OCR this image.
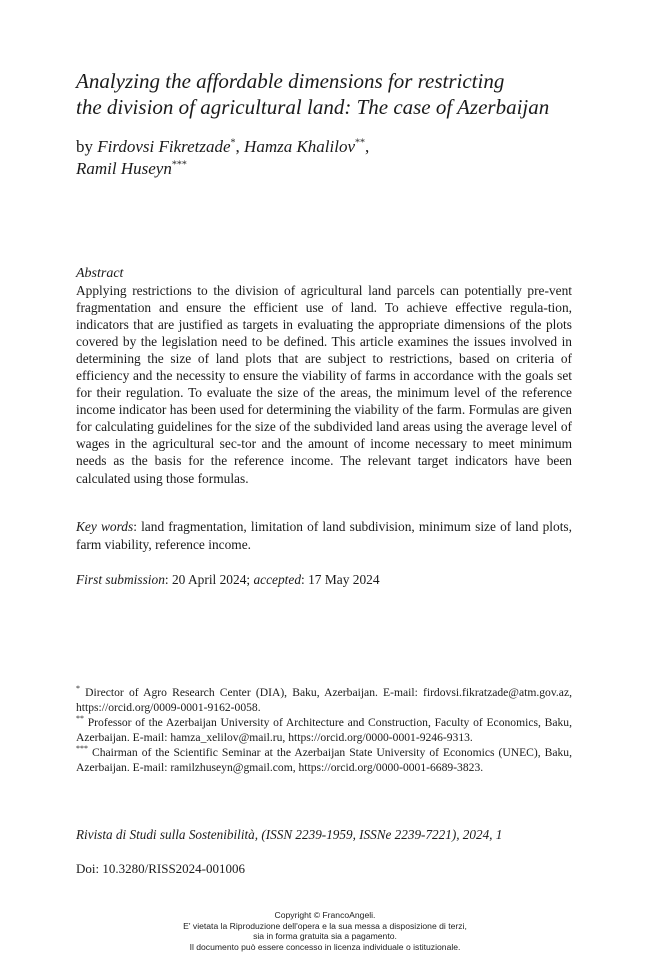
Analyzing the affordable dimensions for restricting
the division of agricultural land: The case of Azerbaijan
by Firdovsi Fikretzade*, Hamza Khalilov**,
Ramil Huseyn***
Abstract

Applying restrictions to the division of agricultural land parcels can potentially pre-vent fragmentation and ensure the efficient use of land. To achieve effective regula-tion, indicators that are justified as targets in evaluating the appropriate dimensions of the plots covered by the legislation need to be defined. This article examines the issues involved in determining the size of land plots that are subject to restrictions, based on criteria of efficiency and the necessity to ensure the viability of farms in accordance with the goals set for their regulation. To evaluate the size of the areas, the minimum level of the reference income indicator has been used for determining the viability of the farm. Formulas are given for calculating guidelines for the size of the subdivided land areas using the average level of wages in the agricultural sec-tor and the amount of income necessary to meet minimum needs as the basis for the reference income. The relevant target indicators have been calculated using those formulas.

Key words: land fragmentation, limitation of land subdivision, minimum size of land plots, farm viability, reference income.

First submission: 20 April 2024; accepted: 17 May 2024

* Director of Agro Research Center (DIA), Baku, Azerbaijan. E-mail: firdovsi.fikratzade@atm.gov.az, https://orcid.org/0009-0001-9162-0058.

** Professor of the Azerbaijan University of Architecture and Construction, Faculty of Economics, Baku, Azerbaijan. E-mail: hamza_xelilov@mail.ru, https://orcid.org/0000-0001-9246-9313.

*** Chairman of the Scientific Seminar at the Azerbaijan State University of Economics (UNEC), Baku, Azerbaijan. E-mail: ramilzhuseyn@gmail.com, https://orcid.org/0000-0001-6689-3823.

Rivista di Studi sulla Sostenibilità, (ISSN 2239-1959, ISSNe 2239-7221), 2024, 1
Doi: 10.3280/RISS2024-001006
Copyright © FrancoAngeli.
E' vietata la Riproduzione dell'opera e la sua messa a disposizione di terzi,
sia in forma gratuita sia a pagamento.
Il documento può essere concesso in licenza individuale o istituzionale.
